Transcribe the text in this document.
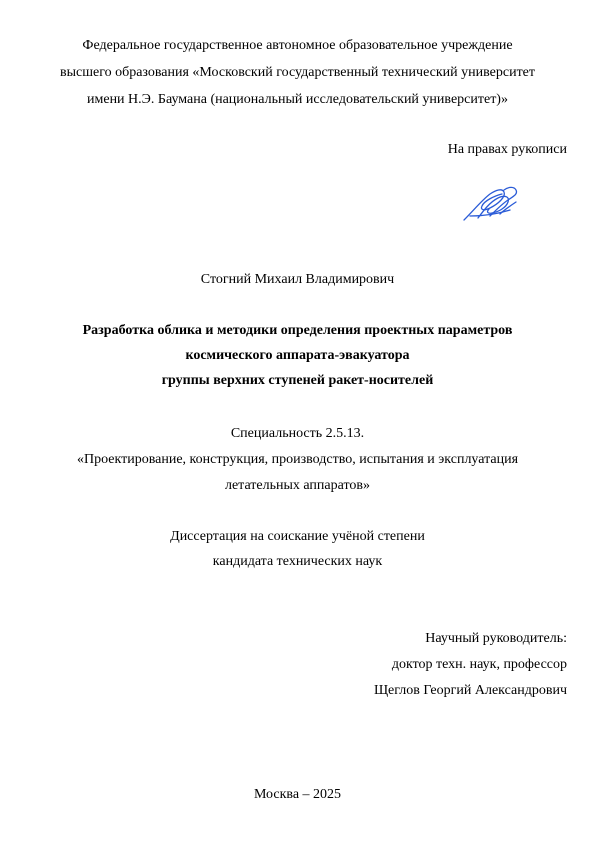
Федеральное государственное автономное образовательное учреждение
высшего образования «Московский государственный технический университет
имени Н.Э. Баумана (национальный исследовательский университет)»
На правах рукописи
Стогний Михаил Владимирович
Разработка облика и методики определения проектных параметров
космического аппарата-эвакуатора
группы верхних ступеней ракет-носителей
Специальность 2.5.13.
«Проектирование, конструкция, производство, испытания и эксплуатация
летательных аппаратов»
Диссертация на соискание учёной степени
кандидата технических наук
Научный руководитель:
доктор техн. наук, профессор
Щеглов Георгий Александрович
Москва – 2025
